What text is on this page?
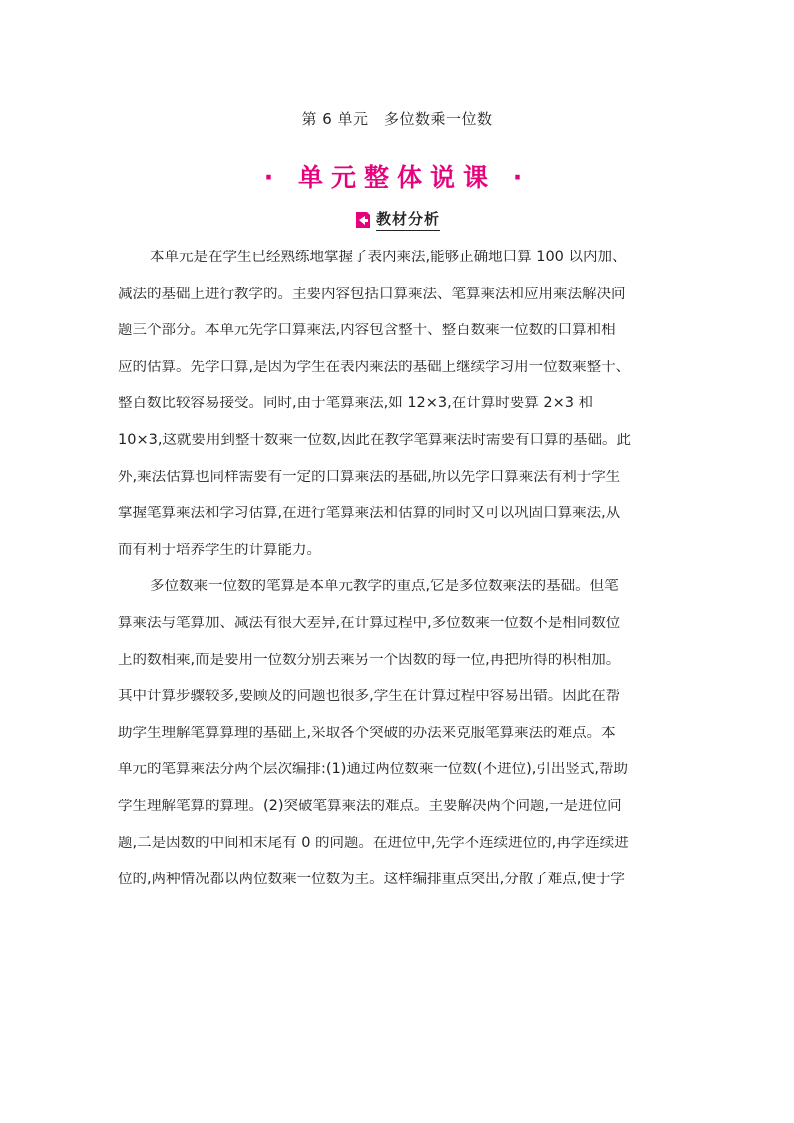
第 6 单元　多位数乘一位数
· 单元整体说课 ·
教材分析
本单元是在学生已经熟练地掌握了表内乘法,能够正确地口算 100 以内加、
减法的基础上进行教学的。主要内容包括口算乘法、笔算乘法和应用乘法解决问
题三个部分。本单元先学口算乘法,内容包含整十、整百数乘一位数的口算和相
应的估算。先学口算,是因为学生在表内乘法的基础上继续学习用一位数乘整十、
整百数比较容易接受。同时,由于笔算乘法,如 12×3,在计算时要算 2×3 和
10×3,这就要用到整十数乘一位数,因此在教学笔算乘法时需要有口算的基础。此
外,乘法估算也同样需要有一定的口算乘法的基础,所以先学口算乘法有利于学生
掌握笔算乘法和学习估算,在进行笔算乘法和估算的同时又可以巩固口算乘法,从
而有利于培养学生的计算能力。
多位数乘一位数的笔算是本单元教学的重点,它是多位数乘法的基础。但笔
算乘法与笔算加、减法有很大差异,在计算过程中,多位数乘一位数不是相同数位
上的数相乘,而是要用一位数分别去乘另一个因数的每一位,再把所得的积相加。
其中计算步骤较多,要顾及的问题也很多,学生在计算过程中容易出错。因此在帮
助学生理解笔算算理的基础上,采取各个突破的办法来克服笔算乘法的难点。本
单元的笔算乘法分两个层次编排:(1)通过两位数乘一位数(不进位),引出竖式,帮助
学生理解笔算的算理。(2)突破笔算乘法的难点。主要解决两个问题,一是进位问
题,二是因数的中间和末尾有 0 的问题。在进位中,先学不连续进位的,再学连续进
位的,两种情况都以两位数乘一位数为主。这样编排重点突出,分散了难点,便于学
